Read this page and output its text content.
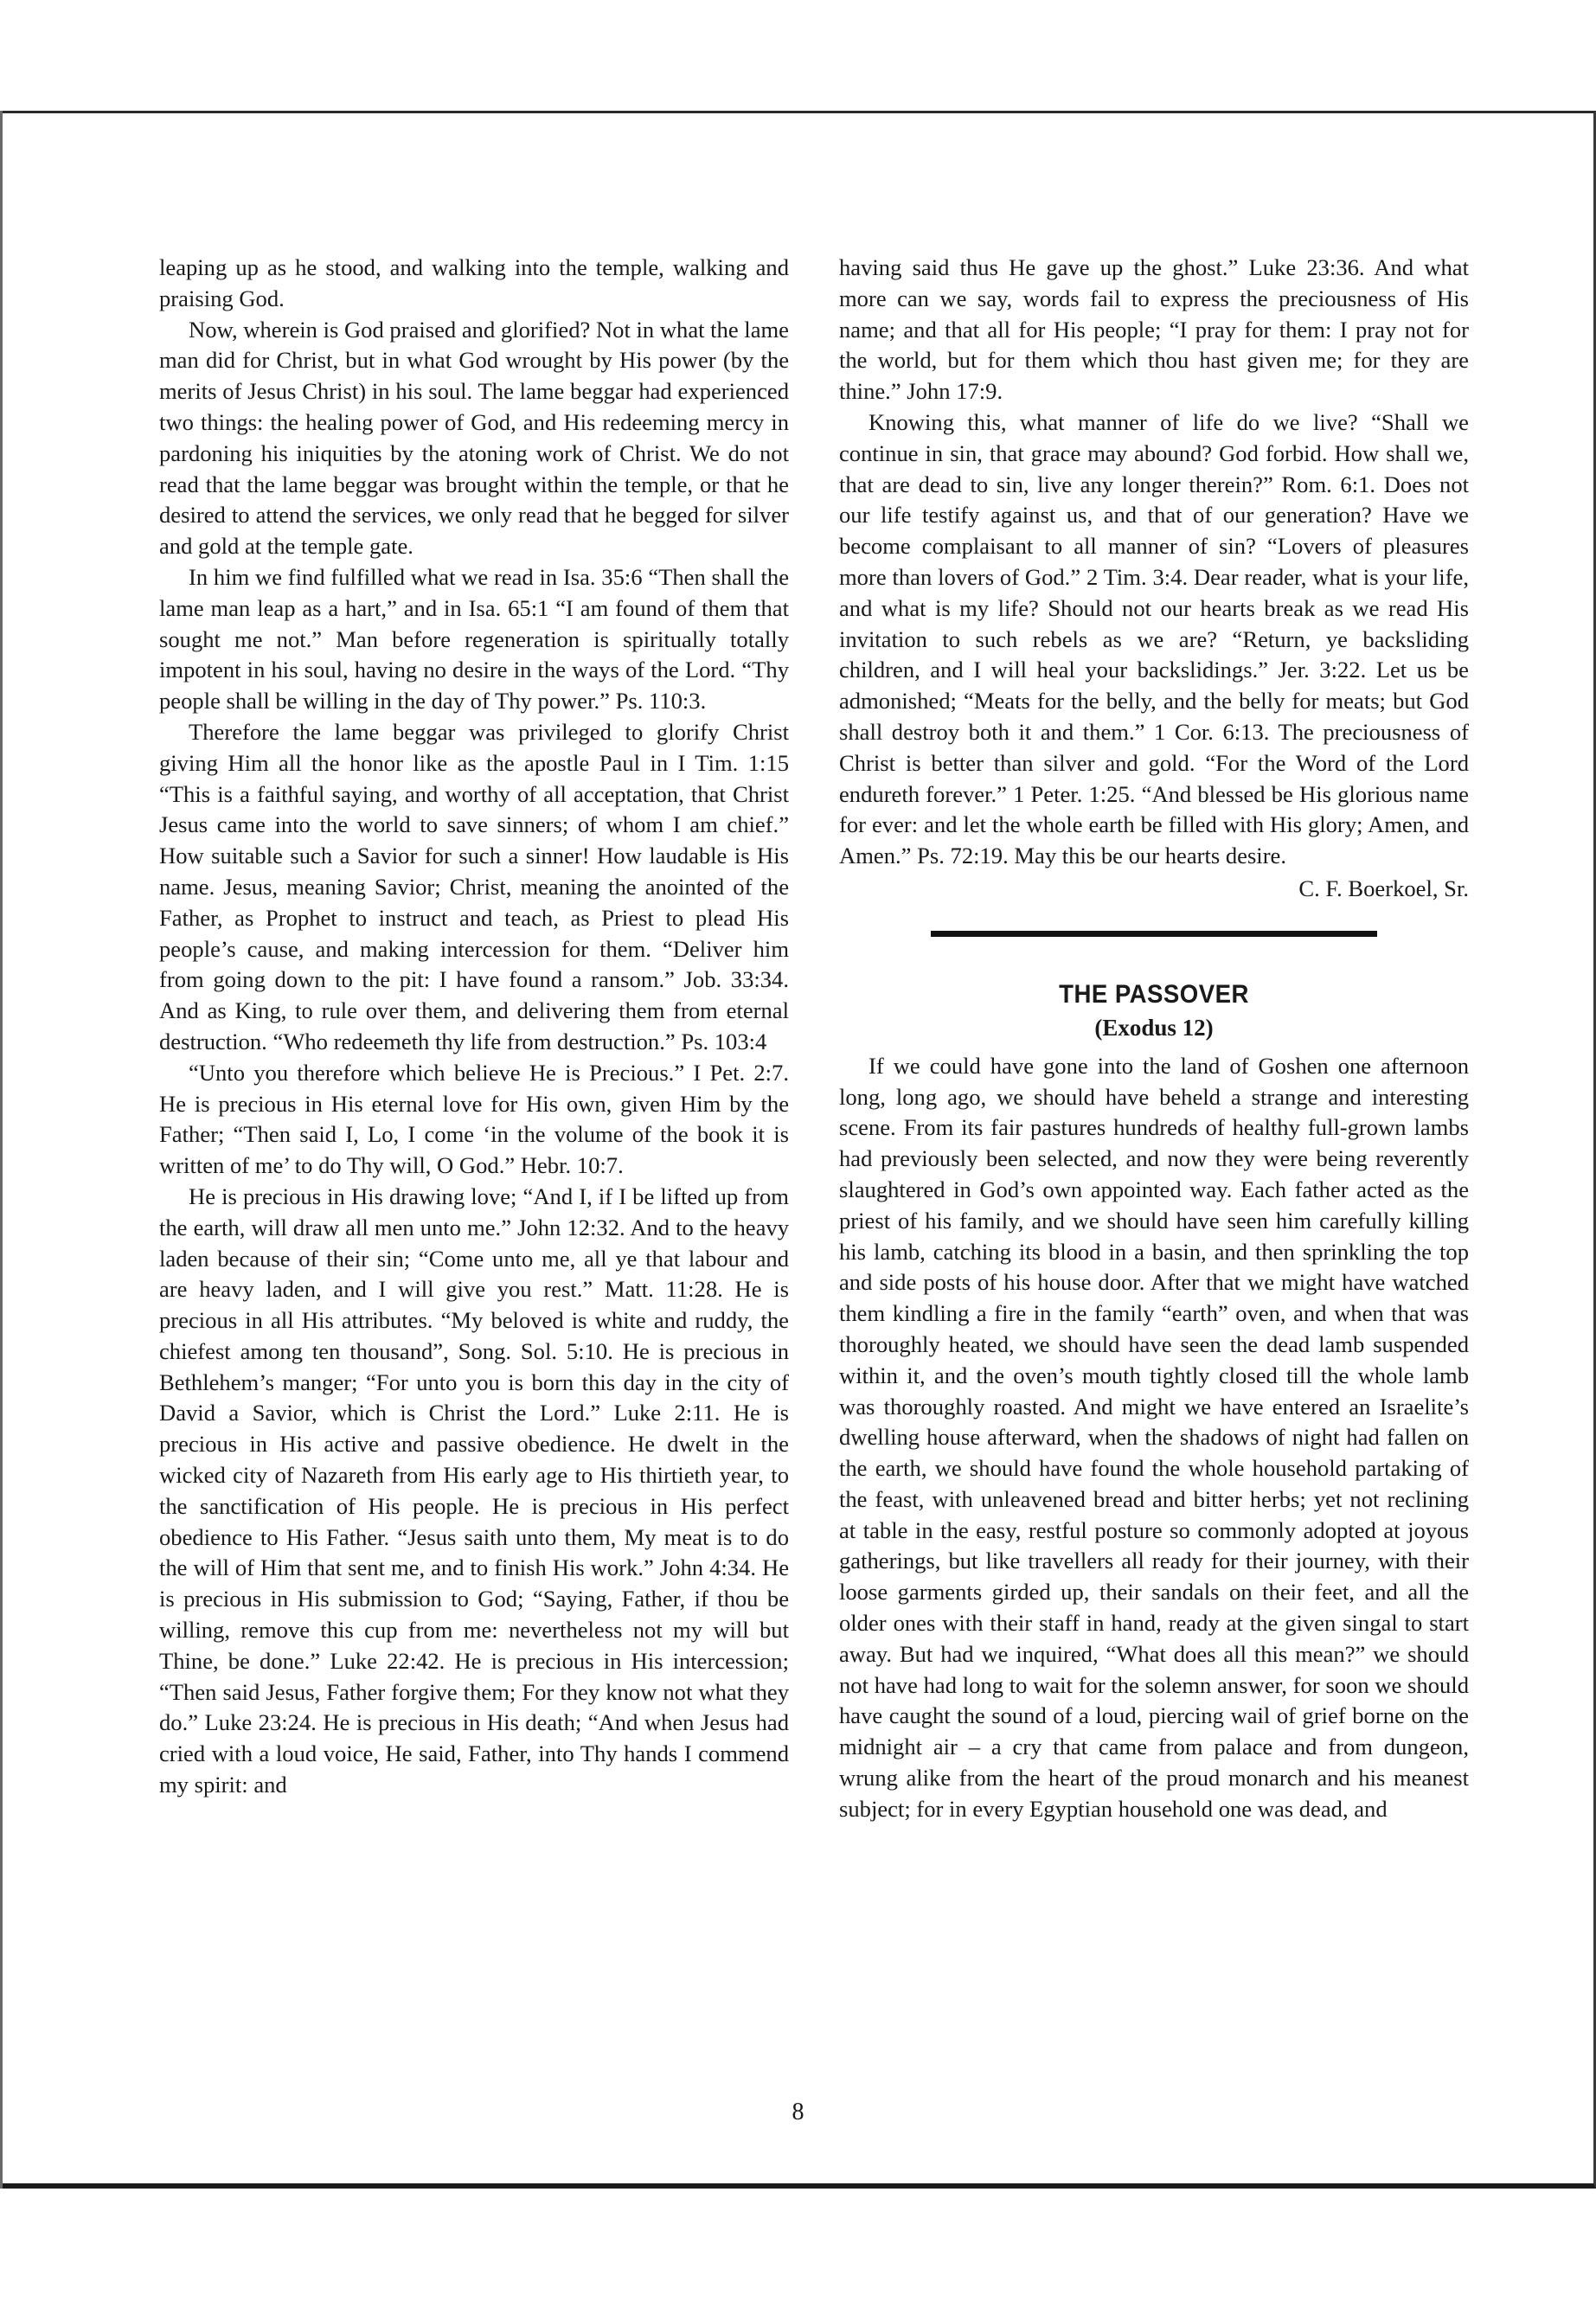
leaping up as he stood, and walking into the temple, walking and praising God.

Now, wherein is God praised and glorified? Not in what the lame man did for Christ, but in what God wrought by His power (by the merits of Jesus Christ) in his soul. The lame beggar had experienced two things: the healing power of God, and His redeeming mercy in pardoning his iniquities by the atoning work of Christ. We do not read that the lame beggar was brought within the temple, or that he desired to attend the services, we only read that he begged for silver and gold at the temple gate.

In him we find fulfilled what we read in Isa. 35:6 “Then shall the lame man leap as a hart,” and in Isa. 65:1 “I am found of them that sought me not.” Man before regeneration is spiritually totally impotent in his soul, having no desire in the ways of the Lord. “Thy people shall be willing in the day of Thy power.” Ps. 110:3.

Therefore the lame beggar was privileged to glorify Christ giving Him all the honor like as the apostle Paul in I Tim. 1:15 “This is a faithful saying, and worthy of all acceptation, that Christ Jesus came into the world to save sinners; of whom I am chief.” How suitable such a Savior for such a sinner! How laudable is His name. Jesus, meaning Savior; Christ, meaning the anointed of the Father, as Prophet to instruct and teach, as Priest to plead His people’s cause, and making intercession for them. “Deliver him from going down to the pit: I have found a ransom.” Job. 33:34. And as King, to rule over them, and delivering them from eternal destruction. “Who redeemeth thy life from destruction.” Ps. 103:4

“Unto you therefore which believe He is Precious.” I Pet. 2:7. He is precious in His eternal love for His own, given Him by the Father; “Then said I, Lo, I come ‘in the volume of the book it is written of me’ to do Thy will, O God.” Hebr. 10:7.

He is precious in His drawing love; “And I, if I be lifted up from the earth, will draw all men unto me.” John 12:32. And to the heavy laden because of their sin; “Come unto me, all ye that labour and are heavy laden, and I will give you rest.” Matt. 11:28. He is precious in all His attributes. “My beloved is white and ruddy, the chiefest among ten thousand”, Song. Sol. 5:10. He is precious in Bethlehem’s manger; “For unto you is born this day in the city of David a Savior, which is Christ the Lord.” Luke 2:11. He is precious in His active and passive obedience. He dwelt in the wicked city of Nazareth from His early age to His thirtieth year, to the sanctification of His people. He is precious in His perfect obedience to His Father. “Jesus saith unto them, My meat is to do the will of Him that sent me, and to finish His work.” John 4:34. He is precious in His submission to God; “Saying, Father, if thou be willing, remove this cup from me: nevertheless not my will but Thine, be done.” Luke 22:42. He is precious in His intercession; “Then said Jesus, Father forgive them; For they know not what they do.” Luke 23:24. He is precious in His death; “And when Jesus had cried with a loud voice, He said, Father, into Thy hands I commend my spirit: and

having said thus He gave up the ghost.” Luke 23:36. And what more can we say, words fail to express the preciousness of His name; and that all for His people; “I pray for them: I pray not for the world, but for them which thou hast given me; for they are thine.” John 17:9.

Knowing this, what manner of life do we live? “Shall we continue in sin, that grace may abound? God forbid. How shall we, that are dead to sin, live any longer therein?” Rom. 6:1. Does not our life testify against us, and that of our generation? Have we become complaisant to all manner of sin? “Lovers of pleasures more than lovers of God.” 2 Tim. 3:4. Dear reader, what is your life, and what is my life? Should not our hearts break as we read His invitation to such rebels as we are? “Return, ye backsliding children, and I will heal your backslidings.” Jer. 3:22. Let us be admonished; “Meats for the belly, and the belly for meats; but God shall destroy both it and them.” 1 Cor. 6:13. The preciousness of Christ is better than silver and gold. “For the Word of the Lord endureth forever.” 1 Peter. 1:25. “And blessed be His glorious name for ever: and let the whole earth be filled with His glory; Amen, and Amen.” Ps. 72:19. May this be our hearts desire.

C. F. Boerkoel, Sr.
THE PASSOVER
(Exodus 12)

If we could have gone into the land of Goshen one afternoon long, long ago, we should have beheld a strange and interesting scene. From its fair pastures hundreds of healthy full-grown lambs had previously been selected, and now they were being reverently slaughtered in God’s own appointed way. Each father acted as the priest of his family, and we should have seen him carefully killing his lamb, catching its blood in a basin, and then sprinkling the top and side posts of his house door. After that we might have watched them kindling a fire in the family “earth” oven, and when that was thoroughly heated, we should have seen the dead lamb suspended within it, and the oven’s mouth tightly closed till the whole lamb was thoroughly roasted. And might we have entered an Israelite’s dwelling house afterward, when the shadows of night had fallen on the earth, we should have found the whole household partaking of the feast, with unleavened bread and bitter herbs; yet not reclining at table in the easy, restful posture so commonly adopted at joyous gatherings, but like travellers all ready for their journey, with their loose garments girded up, their sandals on their feet, and all the older ones with their staff in hand, ready at the given singal to start away. But had we inquired, “What does all this mean?” we should not have had long to wait for the solemn answer, for soon we should have caught the sound of a loud, piercing wail of grief borne on the midnight air – a cry that came from palace and from dungeon, wrung alike from the heart of the proud monarch and his meanest subject; for in every Egyptian household one was dead, and

8
